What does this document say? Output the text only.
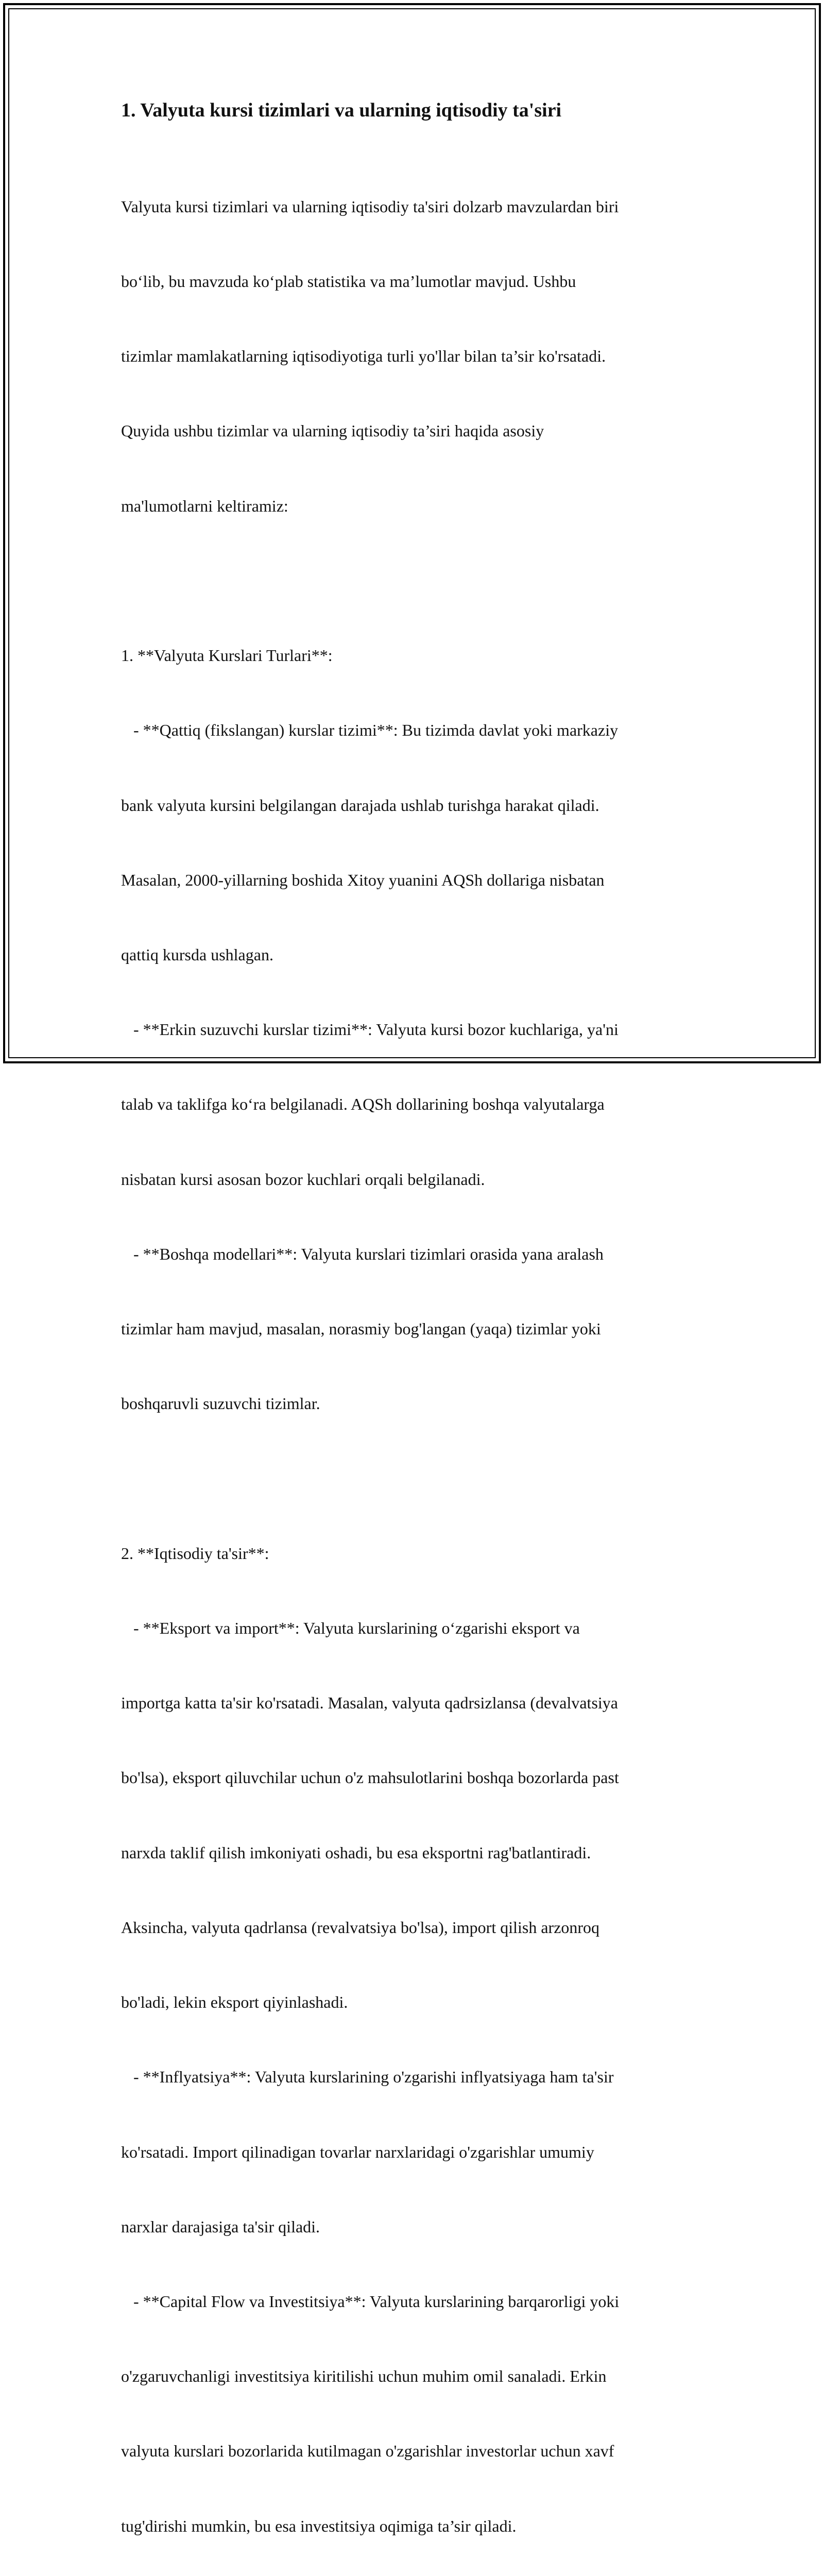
1. Valyuta kursi tizimlari va ularning iqtisodiy ta'siri

Valyuta kursi tizimlari va ularning iqtisodiy ta'siri dolzarb mavzulardan biri

bo‘lib, bu mavzuda ko‘plab statistika va ma’lumotlar mavjud. Ushbu

tizimlar mamlakatlarning iqtisodiyotiga turli yo'llar bilan ta’sir ko'rsatadi.

Quyida ushbu tizimlar va ularning iqtisodiy ta’siri haqida asosiy

ma'lumotlarni keltiramiz:

1. **Valyuta Kurslari Turlari**:

- **Qattiq (fikslangan) kurslar tizimi**: Bu tizimda davlat yoki markaziy

bank valyuta kursini belgilangan darajada ushlab turishga harakat qiladi.

Masalan, 2000-yillarning boshida Xitoy yuanini AQSh dollariga nisbatan

qattiq kursda ushlagan.

- **Erkin suzuvchi kurslar tizimi**: Valyuta kursi bozor kuchlariga, ya'ni

talab va taklifga ko‘ra belgilanadi. AQSh dollarining boshqa valyutalarga

nisbatan kursi asosan bozor kuchlari orqali belgilanadi.

- **Boshqa modellari**: Valyuta kurslari tizimlari orasida yana aralash

tizimlar ham mavjud, masalan, norasmiy bog'langan (yaqa) tizimlar yoki

boshqaruvli suzuvchi tizimlar.

2. **Iqtisodiy ta'sir**:

- **Eksport va import**: Valyuta kurslarining o‘zgarishi eksport va

importga katta ta'sir ko'rsatadi. Masalan, valyuta qadrsizlansa (devalvatsiya

bo'lsa), eksport qiluvchilar uchun o'z mahsulotlarini boshqa bozorlarda past

narxda taklif qilish imkoniyati oshadi, bu esa eksportni rag'batlantiradi.

Aksincha, valyuta qadrlansa (revalvatsiya bo'lsa), import qilish arzonroq

bo'ladi, lekin eksport qiyinlashadi.

- **Inflyatsiya**: Valyuta kurslarining o'zgarishi inflyatsiyaga ham ta'sir

ko'rsatadi. Import qilinadigan tovarlar narxlaridagi o'zgarishlar umumiy

narxlar darajasiga ta'sir qiladi.

- **Capital Flow va Investitsiya**: Valyuta kurslarining barqarorligi yoki

o'zgaruvchanligi investitsiya kiritilishi uchun muhim omil sanaladi. Erkin

valyuta kurslari bozorlarida kutilmagan o'zgarishlar investorlar uchun xavf

tug'dirishi mumkin, bu esa investitsiya oqimiga ta’sir qiladi.
